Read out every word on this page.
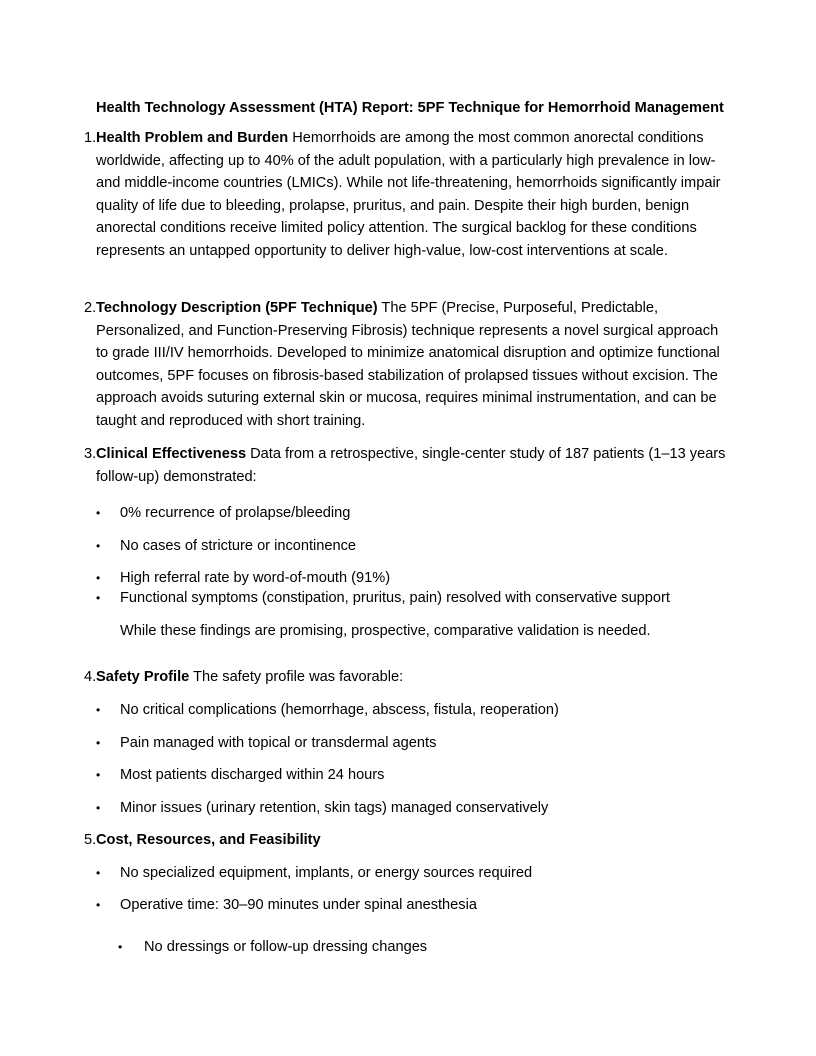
Health Technology Assessment (HTA) Report: 5PF Technique for Hemorrhoid Management
1. Health Problem and Burden Hemorrhoids are among the most common anorectal conditions worldwide, affecting up to 40% of the adult population, with a particularly high prevalence in low- and middle-income countries (LMICs). While not life-threatening, hemorrhoids significantly impair quality of life due to bleeding, prolapse, pruritus, and pain. Despite their high burden, benign anorectal conditions receive limited policy attention. The surgical backlog for these conditions represents an untapped opportunity to deliver high-value, low-cost interventions at scale.
2. Technology Description (5PF Technique) The 5PF (Precise, Purposeful, Predictable, Personalized, and Function-Preserving Fibrosis) technique represents a novel surgical approach to grade III/IV hemorrhoids. Developed to minimize anatomical disruption and optimize functional outcomes, 5PF focuses on fibrosis-based stabilization of prolapsed tissues without excision. The approach avoids suturing external skin or mucosa, requires minimal instrumentation, and can be taught and reproduced with short training.
3. Clinical Effectiveness Data from a retrospective, single-center study of 187 patients (1–13 years follow-up) demonstrated:
• 0% recurrence of prolapse/bleeding
• No cases of stricture or incontinence
• High referral rate by word-of-mouth (91%)
• Functional symptoms (constipation, pruritus, pain) resolved with conservative support
While these findings are promising, prospective, comparative validation is needed.
4. Safety Profile The safety profile was favorable:
• No critical complications (hemorrhage, abscess, fistula, reoperation)
• Pain managed with topical or transdermal agents
• Most patients discharged within 24 hours
• Minor issues (urinary retention, skin tags) managed conservatively
5. Cost, Resources, and Feasibility
• No specialized equipment, implants, or energy sources required
• Operative time: 30–90 minutes under spinal anesthesia
• No dressings or follow-up dressing changes
